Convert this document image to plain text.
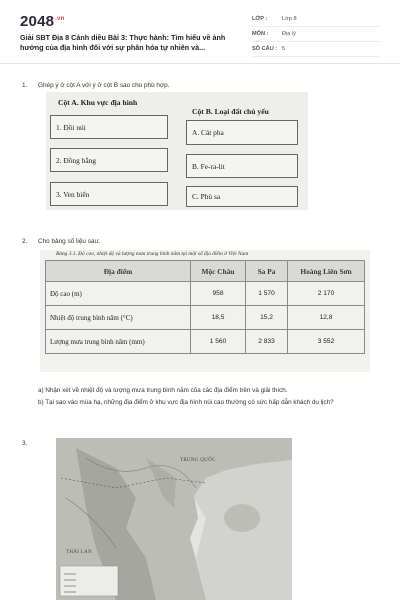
$2048^{.vn}$
Giải SBT Địa 8 Cánh diều Bài 3: Thực hành: Tìm hiểu về ảnh hưởng của địa hình đối với sự phân hóa tự nhiên và...
LỚP :	Lớp 8
MÔN :	Địa lý
SỐ CÂU : 5
1. Ghép ý ở cột A với ý ở cột B sao cho phù hợp.
Cột A. Khu vực địa hình
Cột B. Loại đất chủ yếu
1. Đồi núi
2. Đồng bằng
3. Ven biển
A. Cát pha
B. Fe-ra-lit
C. Phù sa
2. Cho bảng số liệu sau:
Bảng 3.1. Độ cao, nhiệt độ và lượng mưa trung bình năm tại một số địa điểm ở Việt Nam
Địa điểm	Mộc Châu	Sa Pa	Hoàng Liên Sơn
Độ cao (m)	958	1 570	2 170
Nhiệt độ trung bình năm (°C)	18,5	15,2	12,8
Lượng mưa trung bình năm (mm)	1 560	2 833	3 552
a) Nhận xét về nhiệt độ và lượng mưa trung bình năm của các địa điểm trên và giải thích.
b) Tại sao vào mùa hạ, những địa điểm ở khu vực địa hình núi cao thường có sức hấp dẫn khách du lịch?
3.
TRUNG QUỐC
THÁI LAN
